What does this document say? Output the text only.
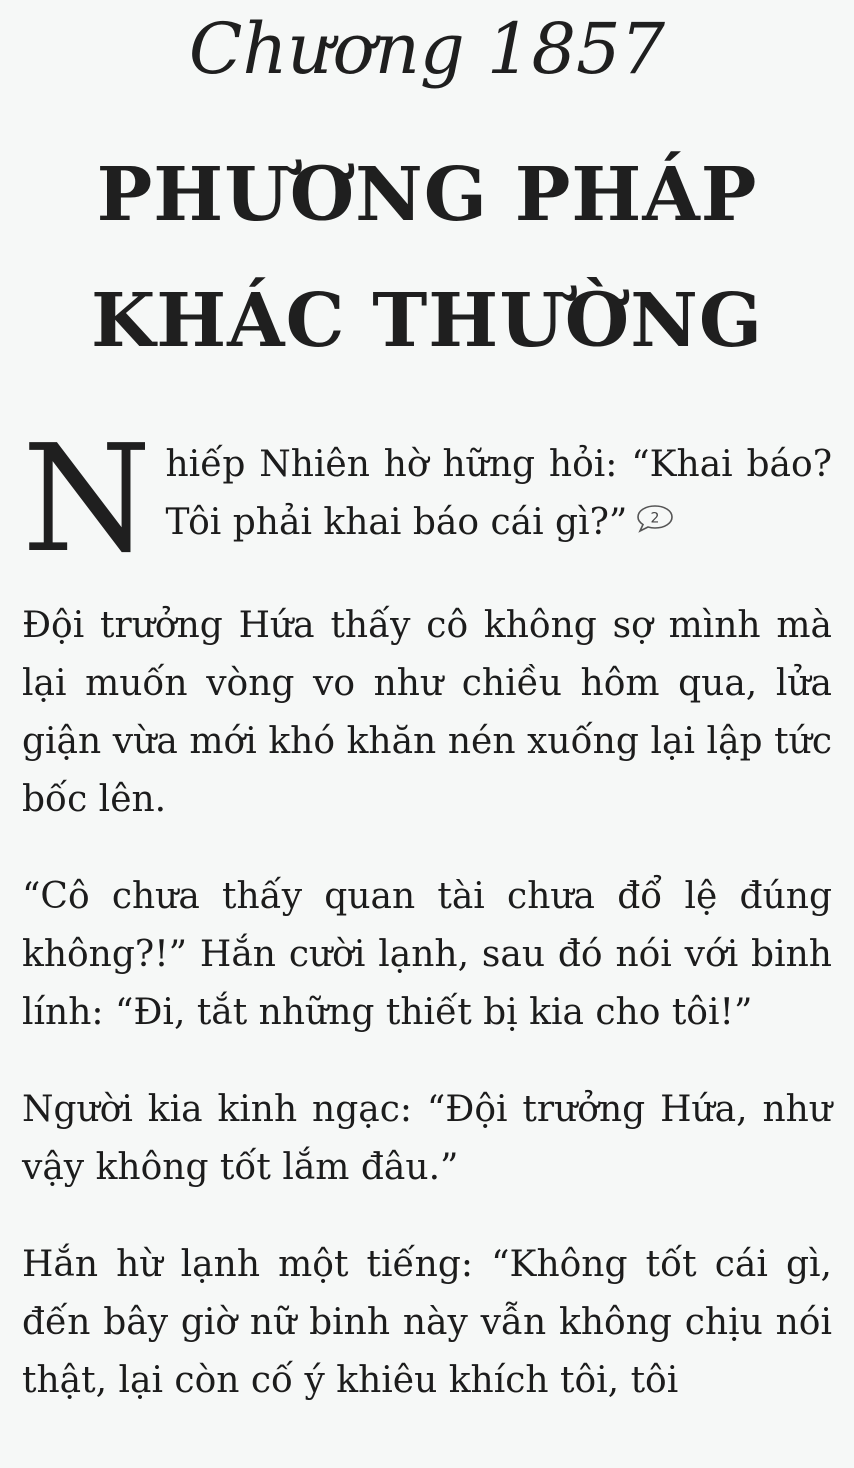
Chương 1857
PHƯƠNG PHÁP
KHÁC THƯỜNG

Nhiếp Nhiên hờ hững hỏi: “Khai báo? Tôi phải khai báo cái gì?” 2

Đội trưởng Hứa thấy cô không sợ mình mà lại muốn vòng vo như chiều hôm qua, lửa giận vừa mới khó khăn nén xuống lại lập tức bốc lên.

“Cô chưa thấy quan tài chưa đổ lệ đúng không?!” Hắn cười lạnh, sau đó nói với binh lính: “Đi, tắt những thiết bị kia cho tôi!”

Người kia kinh ngạc: “Đội trưởng Hứa, như vậy không tốt lắm đâu.”

Hắn hừ lạnh một tiếng: “Không tốt cái gì, đến bây giờ nữ binh này vẫn không chịu nói thật, lại còn cố ý khiêu khích tôi, tôi
